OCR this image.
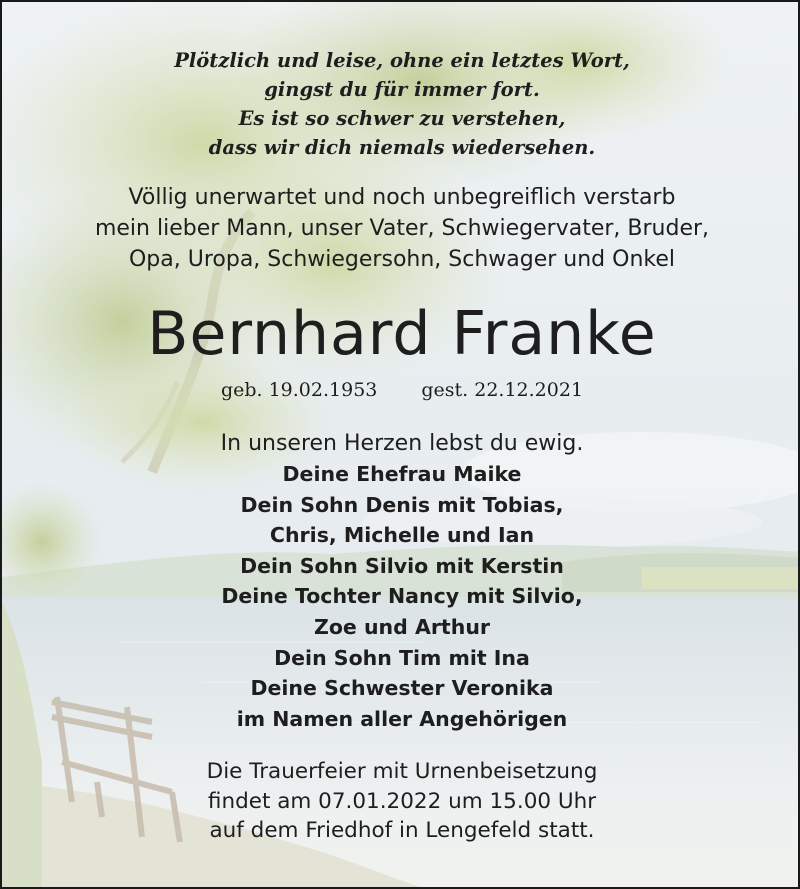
Plötzlich und leise, ohne ein letztes Wort,
gingst du für immer fort.
Es ist so schwer zu verstehen,
dass wir dich niemals wiedersehen.
Völlig unerwartet und noch unbegreiflich verstarb
mein lieber Mann, unser Vater, Schwiegervater, Bruder,
Opa, Uropa, Schwiegersohn, Schwager und Onkel
Bernhard Franke
geb. 19.02.1953 gest. 22.12.2021
In unseren Herzen lebst du ewig.
Deine Ehefrau Maike
Dein Sohn Denis mit Tobias,
Chris, Michelle und Ian
Dein Sohn Silvio mit Kerstin
Deine Tochter Nancy mit Silvio,
Zoe und Arthur
Dein Sohn Tim mit Ina
Deine Schwester Veronika
im Namen aller Angehörigen
Die Trauerfeier mit Urnenbeisetzung
findet am 07.01.2022 um 15.00 Uhr
auf dem Friedhof in Lengefeld statt.
